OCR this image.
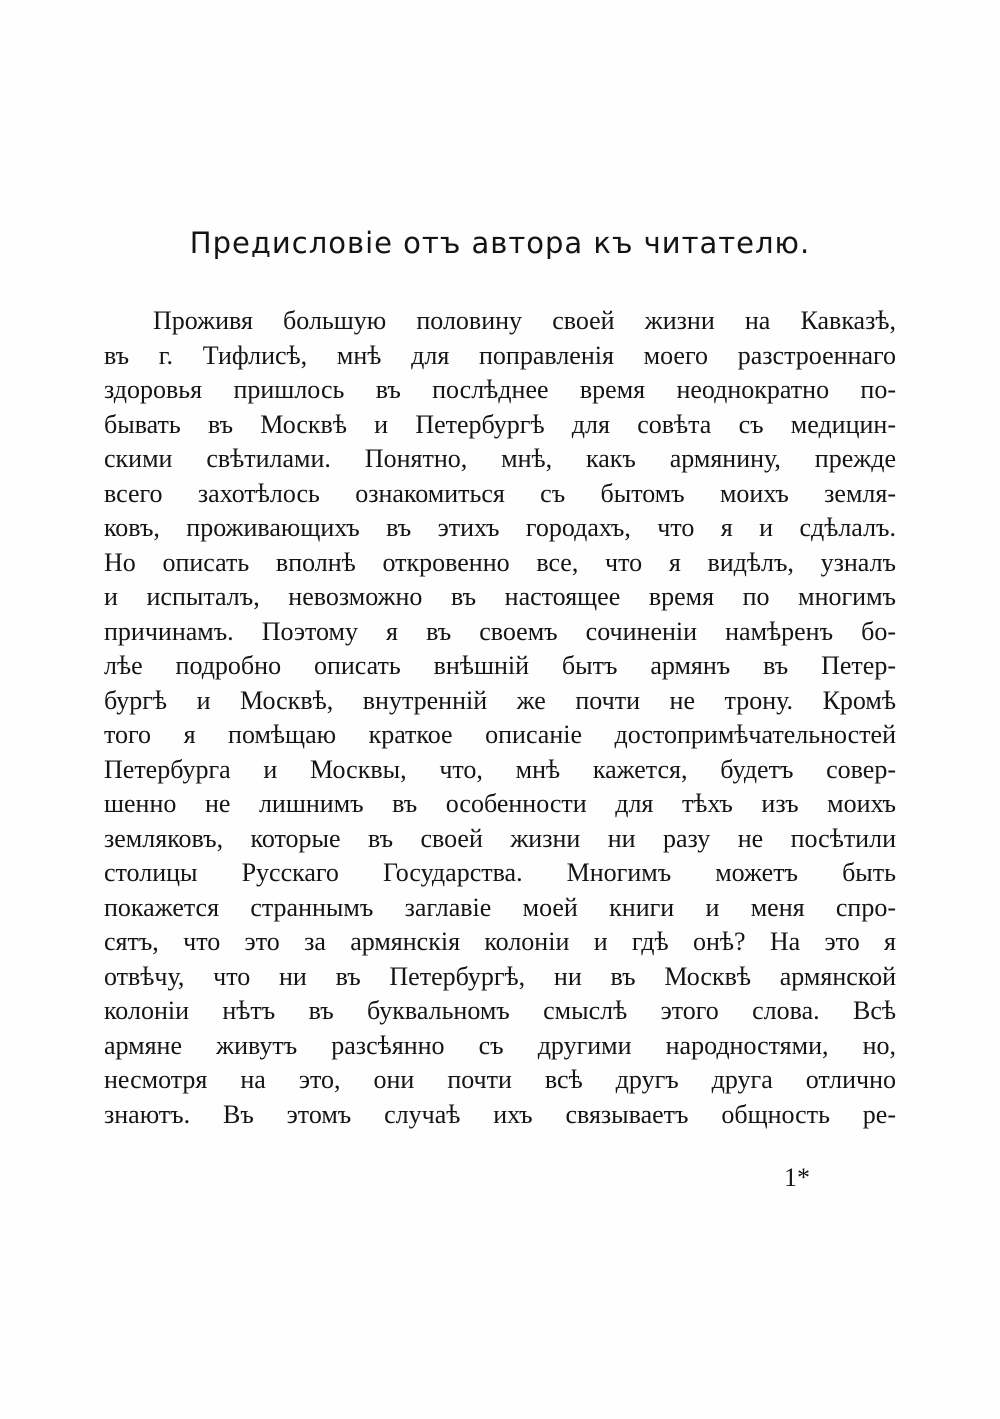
Предисловіе отъ автора къ читателю.
Проживя большую половину своей жизни на Кавказѣ,
въ г. Тифлисѣ, мнѣ для поправленія моего разстроеннаго
здоровья пришлось въ послѣднее время неоднократно по-
бывать въ Москвѣ и Петербургѣ для совѣта съ медицин-
скими свѣтилами. Понятно, мнѣ, какъ армянину, прежде
всего захотѣлось ознакомиться съ бытомъ моихъ земля-
ковъ, проживающихъ въ этихъ городахъ, что я и сдѣлалъ.
Но описать вполнѣ откровенно все, что я видѣлъ, узналъ
и испыталъ, невозможно въ настоящее время по многимъ
причинамъ. Поэтому я въ своемъ сочиненіи намѣренъ бо-
лѣе подробно описать внѣшній бытъ армянъ въ Петер-
бургѣ и Москвѣ, внутренній же почти не трону. Кромѣ
того я помѣщаю краткое описаніе достопримѣчательностей
Петербурга и Москвы, что, мнѣ кажется, будетъ совер-
шенно не лишнимъ въ особенности для тѣхъ изъ моихъ
земляковъ, которые въ своей жизни ни разу не посѣтили
столицы Русскаго Государства. Многимъ можетъ быть
покажется страннымъ заглавіе моей книги и меня спро-
сятъ, что это за армянскія колоніи и гдѣ онѣ? На это я
отвѣчу, что ни въ Петербургѣ, ни въ Москвѣ армянской
колоніи нѣтъ въ буквальномъ смыслѣ этого слова. Всѣ
армяне живутъ разсѣянно съ другими народностями, но,
несмотря на это, они почти всѣ другъ друга отлично
знаютъ. Въ этомъ случаѣ ихъ связываетъ общность ре-
1*
